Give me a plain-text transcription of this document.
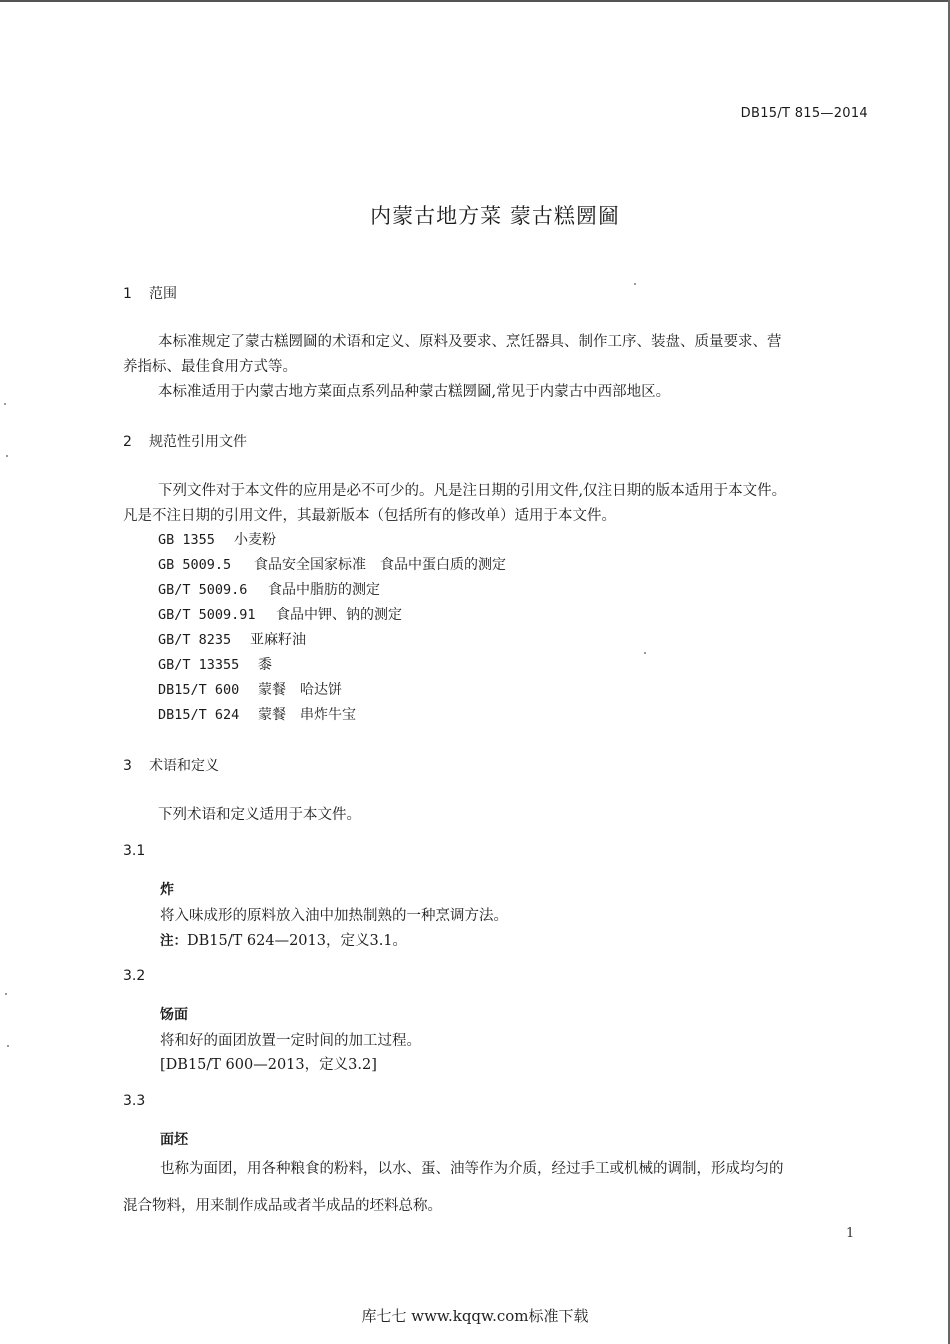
DB15/T 815—2014
内蒙古地方菜 蒙古糕圐圙
1 范围
本标准规定了蒙古糕圐圙的术语和定义、原料及要求、烹饪器具、制作工序、装盘、质量要求、营
养指标、最佳食用方式等。
本标准适用于内蒙古地方菜面点系列品种蒙古糕圐圙,常见于内蒙古中西部地区。
2 规范性引用文件
下列文件对于本文件的应用是必不可少的。凡是注日期的引用文件,仅注日期的版本适用于本文件。
凡是不注日期的引用文件，其最新版本（包括所有的修改单）适用于本文件。
GB 1355 小麦粉
GB 5009.5 食品安全国家标准　食品中蛋白质的测定
GB/T 5009.6 食品中脂肪的测定
GB/T 5009.91 食品中钾、钠的测定
GB/T 8235 亚麻籽油
GB/T 13355 黍
DB15/T 600 蒙餐　哈达饼
DB15/T 624 蒙餐　串炸牛宝
3 术语和定义
下列术语和定义适用于本文件。
3.1
炸
将入味成形的原料放入油中加热制熟的一种烹调方法。
注：DB15/T 624—2013，定义3.1。
3.2
饧面
将和好的面团放置一定时间的加工过程。
[DB15/T 600—2013，定义3.2]
3.3
面坯
也称为面团，用各种粮食的粉料，以水、蛋、油等作为介质，经过手工或机械的调制，形成均匀的
混合物料，用来制作成品或者半成品的坯料总称。
1
库七七 www.kqqw.com标准下载
